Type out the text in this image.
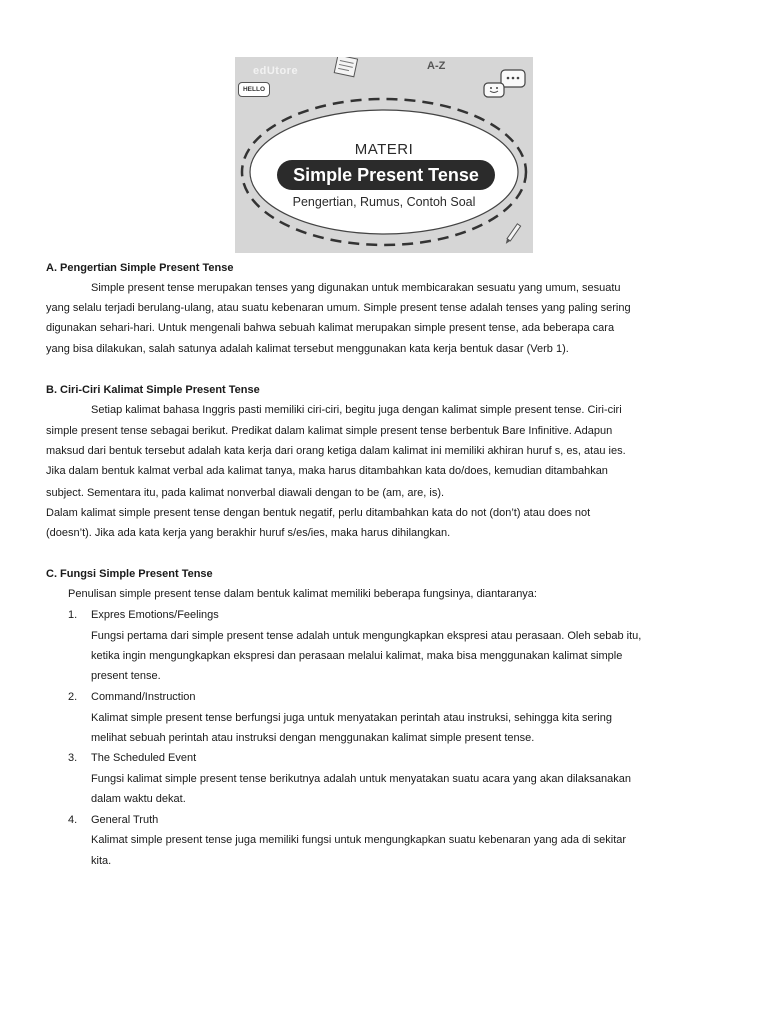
edUtore
HELLO
A-Z
MATERI
Simple Present Tense
Pengertian, Rumus, Contoh Soal
A. Pengertian Simple Present Tense
Simple present tense merupakan tenses yang digunakan untuk membicarakan sesuatu yang umum, sesuatu
yang selalu terjadi berulang-ulang, atau suatu kebenaran umum. Simple present tense adalah tenses yang paling sering
digunakan sehari-hari. Untuk mengenali bahwa sebuah kalimat merupakan simple present tense, ada beberapa cara
yang bisa dilakukan, salah satunya adalah kalimat tersebut menggunakan kata kerja bentuk dasar (Verb 1).
B. Ciri-Ciri Kalimat Simple Present Tense
Setiap kalimat bahasa Inggris pasti memiliki ciri-ciri, begitu juga dengan kalimat simple present tense. Ciri-ciri
simple present tense sebagai berikut. Predikat dalam kalimat simple present tense berbentuk Bare Infinitive. Adapun
maksud dari bentuk tersebut adalah kata kerja dari orang ketiga dalam kalimat ini memiliki akhiran huruf s, es, atau ies.
Jika dalam bentuk kalmat verbal ada kalimat tanya, maka harus ditambahkan kata do/does, kemudian ditambahkan
subject. Sementara itu, pada kalimat nonverbal diawali dengan to be (am, are, is).
Dalam kalimat simple present tense dengan bentuk negatif, perlu ditambahkan kata do not (don’t) atau does not
(doesn’t). Jika ada kata kerja yang berakhir huruf s/es/ies, maka harus dihilangkan.
C. Fungsi Simple Present Tense
Penulisan simple present tense dalam bentuk kalimat memiliki beberapa fungsinya, diantaranya:
1. Expres Emotions/Feelings
Fungsi pertama dari simple present tense adalah untuk mengungkapkan ekspresi atau perasaan. Oleh sebab itu,
ketika ingin mengungkapkan ekspresi dan perasaan melalui kalimat, maka bisa menggunakan kalimat simple
present tense.
2. Command/Instruction
Kalimat simple present tense berfungsi juga untuk menyatakan perintah atau instruksi, sehingga kita sering
melihat sebuah perintah atau instruksi dengan menggunakan kalimat simple present tense.
3. The Scheduled Event
Fungsi kalimat simple present tense berikutnya adalah untuk menyatakan suatu acara yang akan dilaksanakan
dalam waktu dekat.
4. General Truth
Kalimat simple present tense juga memiliki fungsi untuk mengungkapkan suatu kebenaran yang ada di sekitar
kita.
